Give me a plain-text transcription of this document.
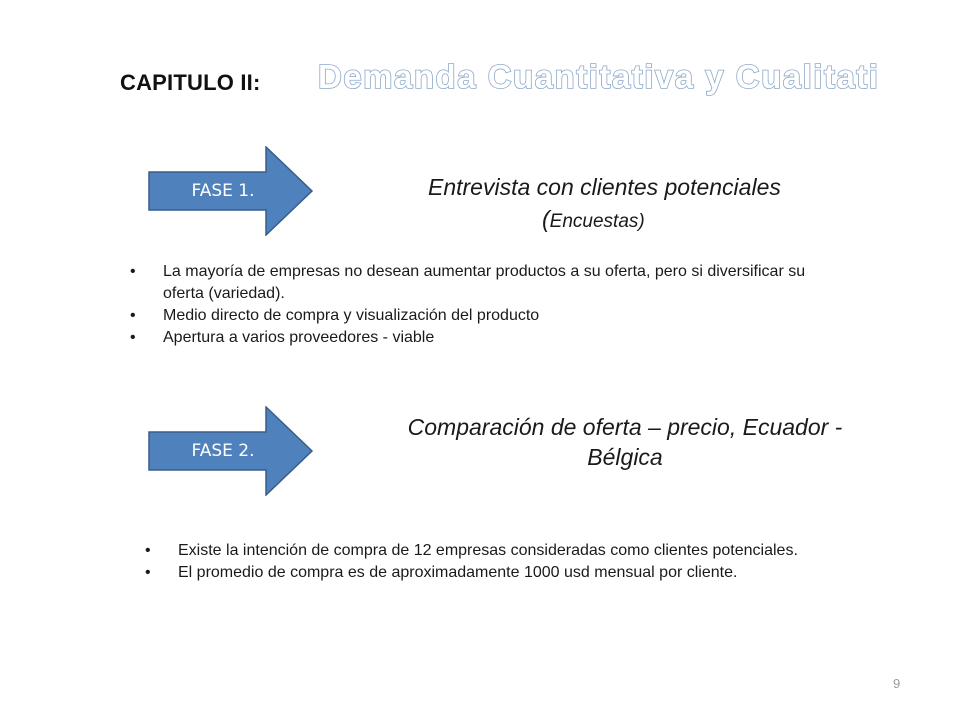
CAPITULO II: Demanda Cuantitativa y Cualitativa
FASE 1.	Entrevista con clientes potenciales
(Encuestas)
• La mayoría de empresas no desean aumentar productos a su oferta, pero si diversificar su oferta (variedad).
• Medio directo de compra y visualización del producto
• Apertura a varios proveedores - viable
FASE 2.
Comparación de oferta – precio, Ecuador -
Bélgica
• Existe la intención de compra de 12 empresas consideradas como clientes potenciales.
• El promedio de compra es de aproximadamente 1000 usd mensual por cliente.
9
